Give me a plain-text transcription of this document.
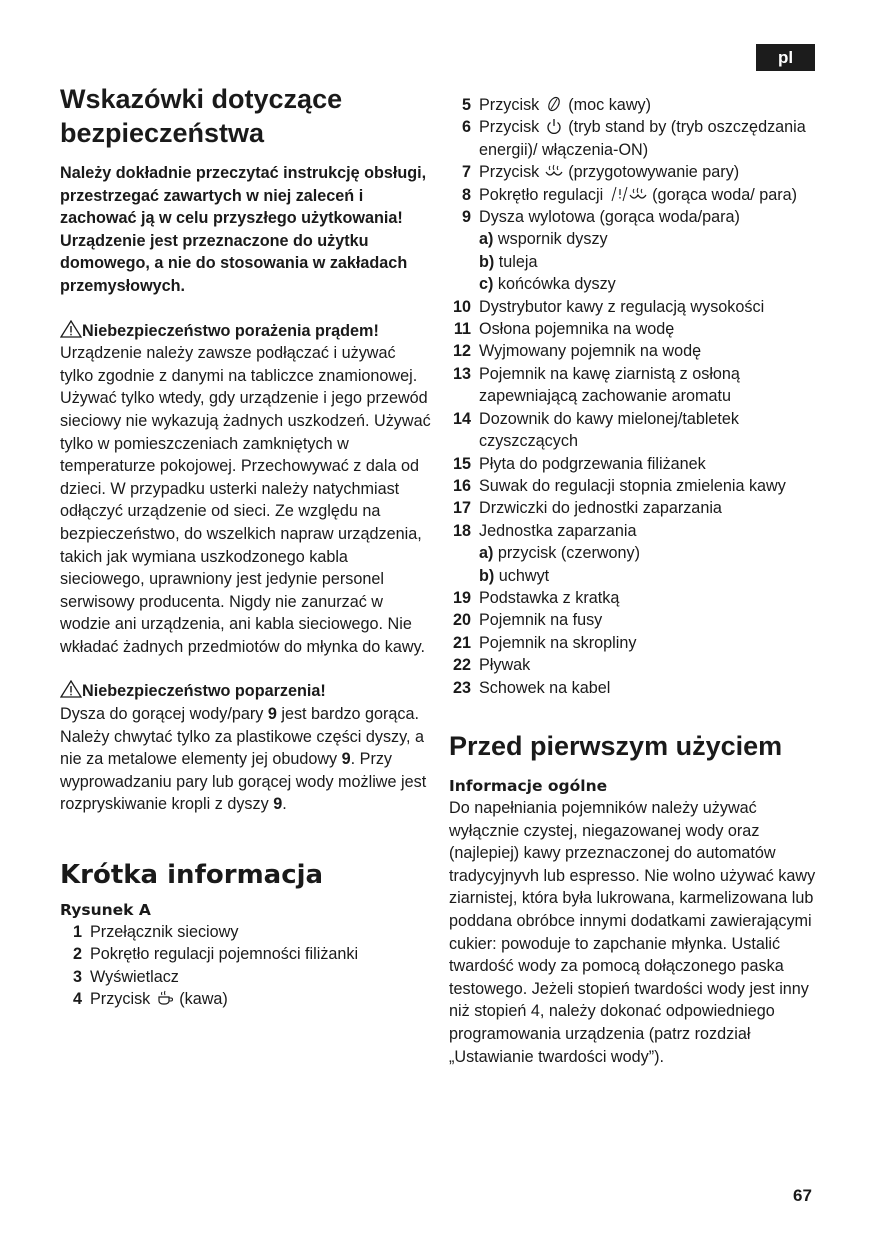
pl
Wskazówki dotyczące
bezpieczeństwa
Należy dokładnie przeczytać instrukcję obsługi, przestrzegać zawartych w niej zaleceń i zachować ją w celu przyszłego użytkowania! Urządzenie jest przeznaczone do użytku domowego, a nie do stosowania w zakładach przemysłowych.
Niebezpieczeństwo porażenia prądem!

Urządzenie należy zawsze podłączać i używać tylko zgodnie z danymi na tabliczce znamionowej. Używać tylko wtedy, gdy urządzenie i jego przewód sieciowy nie wykazują żadnych uszkodzeń. Używać tylko w pomieszczeniach zamkniętych w temperaturze pokojowej. Przechowywać z dala od dzieci. W przypadku usterki należy natychmiast odłączyć urządzenie od sieci. Ze względu na bezpieczeństwo, do wszelkich napraw urządzenia, takich jak wymiana uszkodzonego kabla sieciowego, uprawniony jest jedynie personel serwisowy producenta. Nigdy nie zanurzać w wodzie ani urządzenia, ani kabla sieciowego. Nie wkładać żadnych przedmiotów do młynka do kawy.

Niebezpieczeństwo poparzenia!

Dysza do gorącej wody/pary 9 jest bardzo gorąca. Należy chwytać tylko za plastikowe części dyszy, a nie za metalowe elementy jej obudowy 9. Przy wyprowadzaniu pary lub gorącej wody możliwe jest rozpryskiwanie kropli z dyszy 9.

Krótka informacja
Rysunek A
1 Przełącznik sieciowy
2 Pokrętło regulacji pojemności filiżanki
3 Wyświetlacz
4 Przycisk  (kawa)
5 Przycisk  (moc kawy)
6 Przycisk  (tryb stand by (tryb oszczędzania energii)/ włączenia-ON)
7 Przycisk  (przygotowywanie pary)
8 Pokrętło regulacji  (gorąca woda/ para)
9 Dysza wylotowa (gorąca woda/para)
a) wspornik dyszy
b) tuleja
c) końcówka dyszy
10 Dystrybutor kawy z regulacją wysokości
11 Osłona pojemnika na wodę
12 Wyjmowany pojemnik na wodę
13 Pojemnik na kawę ziarnistą z osłoną zapewniającą zachowanie aromatu
14 Dozownik do kawy mielonej/tabletek czyszczących
15 Płyta do podgrzewania filiżanek
16 Suwak do regulacji stopnia zmielenia kawy
17 Drzwiczki do jednostki zaparzania
18 Jednostka zaparzania
a) przycisk (czerwony)
b) uchwyt
19 Podstawka z kratką
20 Pojemnik na fusy
21 Pojemnik na skropliny
22 Pływak
23 Schowek na kabel
Przed pierwszym użyciem
Informacje ogólne

Do napełniania pojemników należy używać wyłącznie czystej, niegazowanej wody oraz (najlepiej) kawy przeznaczonej do automatów tradycyjnyvh lub espresso. Nie wolno używać kawy ziarnistej, która była lukrowana, karmelizowana lub poddana obróbce innymi dodatkami zawierającymi cukier: powoduje to zapchanie młynka. Ustalić twardość wody za pomocą dołączonego paska testowego. Jeżeli stopień twardości wody jest inny niż stopień 4, należy dokonać odpowiedniego programowania urządzenia (patrz rozdział „Ustawianie twardości wody”).

67
